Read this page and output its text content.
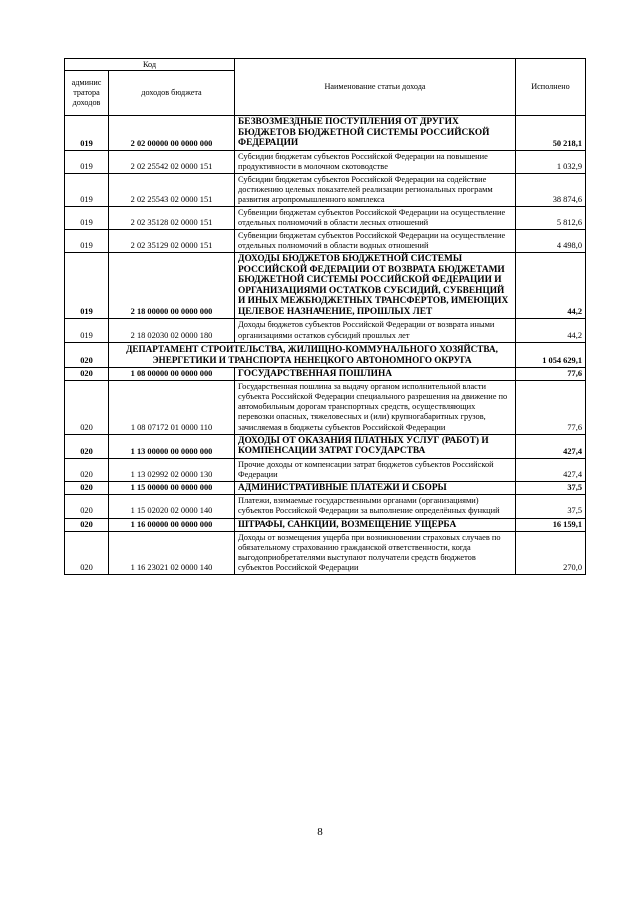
Код		Наименование статьи дохода	Исполнено
админис тратора доходов	доходов бюджета		
019	2 02 00000 00 0000 000	БЕЗВОЗМЕЗДНЫЕ ПОСТУПЛЕНИЯ ОТ ДРУГИХ БЮДЖЕТОВ БЮДЖЕТНОЙ СИСТЕМЫ РОССИЙСКОЙ ФЕДЕРАЦИИ	50 218,1
019	2 02 25542 02 0000 151	Субсидии бюджетам субъектов Российской Федерации на повышение продуктивности в молочном скотоводстве	1 032,9
019	2 02 25543 02 0000 151	Субсидии бюджетам субъектов Российской Федерации на содействие достижению целевых показателей реализации региональных программ развития агропромышленного комплекса	38 874,6
019	2 02 35128 02 0000 151	Субвенции бюджетам субъектов Российской Федерации на осуществление отдельных полномочий в области лесных отношений	5 812,6
019	2 02 35129 02 0000 151	Субвенции бюджетам субъектов Российской Федерации на осуществление отдельных полномочий в области водных отношений	4 498,0
019	2 18 00000 00 0000 000	ДОХОДЫ БЮДЖЕТОВ БЮДЖЕТНОЙ СИСТЕМЫ РОССИЙСКОЙ ФЕДЕРАЦИИ ОТ ВОЗВРАТА БЮДЖЕТАМИ БЮДЖЕТНОЙ СИСТЕМЫ РОССИЙСКОЙ ФЕДЕРАЦИИ И ОРГАНИЗАЦИЯМИ ОСТАТКОВ СУБСИДИЙ, СУБВЕНЦИЙ И ИНЫХ МЕЖБЮДЖЕТНЫХ ТРАНСФЕРТОВ, ИМЕЮЩИХ ЦЕЛЕВОЕ НАЗНАЧЕНИЕ, ПРОШЛЫХ ЛЕТ	44,2
019	2 18 02030 02 0000 180	Доходы бюджетов субъектов Российской Федерации от возврата иными организациями остатков субсидий прошлых лет	44,2
020	ДЕПАРТАМЕНТ СТРОИТЕЛЬСТВА, ЖИЛИЩНО-КОММУНАЛЬНОГО ХОЗЯЙСТВА, ЭНЕРГЕТИКИ И ТРАНСПОРТА НЕНЕЦКОГО АВТОНОМНОГО ОКРУГА		1 054 629,1
020	1 08 00000 00 0000 000	ГОСУДАРСТВЕННАЯ ПОШЛИНА	77,6
020	1 08 07172 01 0000 110	Государственная пошлина за выдачу органом исполнительной власти субъекта Российской Федерации специального разрешения на движение по автомобильным дорогам транспортных средств, осуществляющих перевозки опасных, тяжеловесных и (или) крупногабаритных грузов, зачисляемая в бюджеты субъектов Российской Федерации	77,6
020	1 13 00000 00 0000 000	ДОХОДЫ ОТ ОКАЗАНИЯ ПЛАТНЫХ УСЛУГ (РАБОТ) И КОМПЕНСАЦИИ ЗАТРАТ ГОСУДАРСТВА	427,4
020	1 13 02992 02 0000 130	Прочие доходы от компенсации затрат бюджетов субъектов Российской Федерации	427,4
020	1 15 00000 00 0000 000	АДМИНИСТРАТИВНЫЕ ПЛАТЕЖИ И СБОРЫ	37,5
020	1 15 02020 02 0000 140	Платежи, взимаемые государственными органами (организациями) субъектов Российской Федерации за выполнение определённых функций	37,5
020	1 16 00000 00 0000 000	ШТРАФЫ, САНКЦИИ, ВОЗМЕЩЕНИЕ УЩЕРБА	16 159,1
020	1 16 23021 02 0000 140	Доходы от возмещения ущерба при возникновении страховых случаев по обязательному страхованию гражданской ответственности, когда выгодоприобретателями выступают получатели средств бюджетов субъектов Российской Федерации	270,0
8
